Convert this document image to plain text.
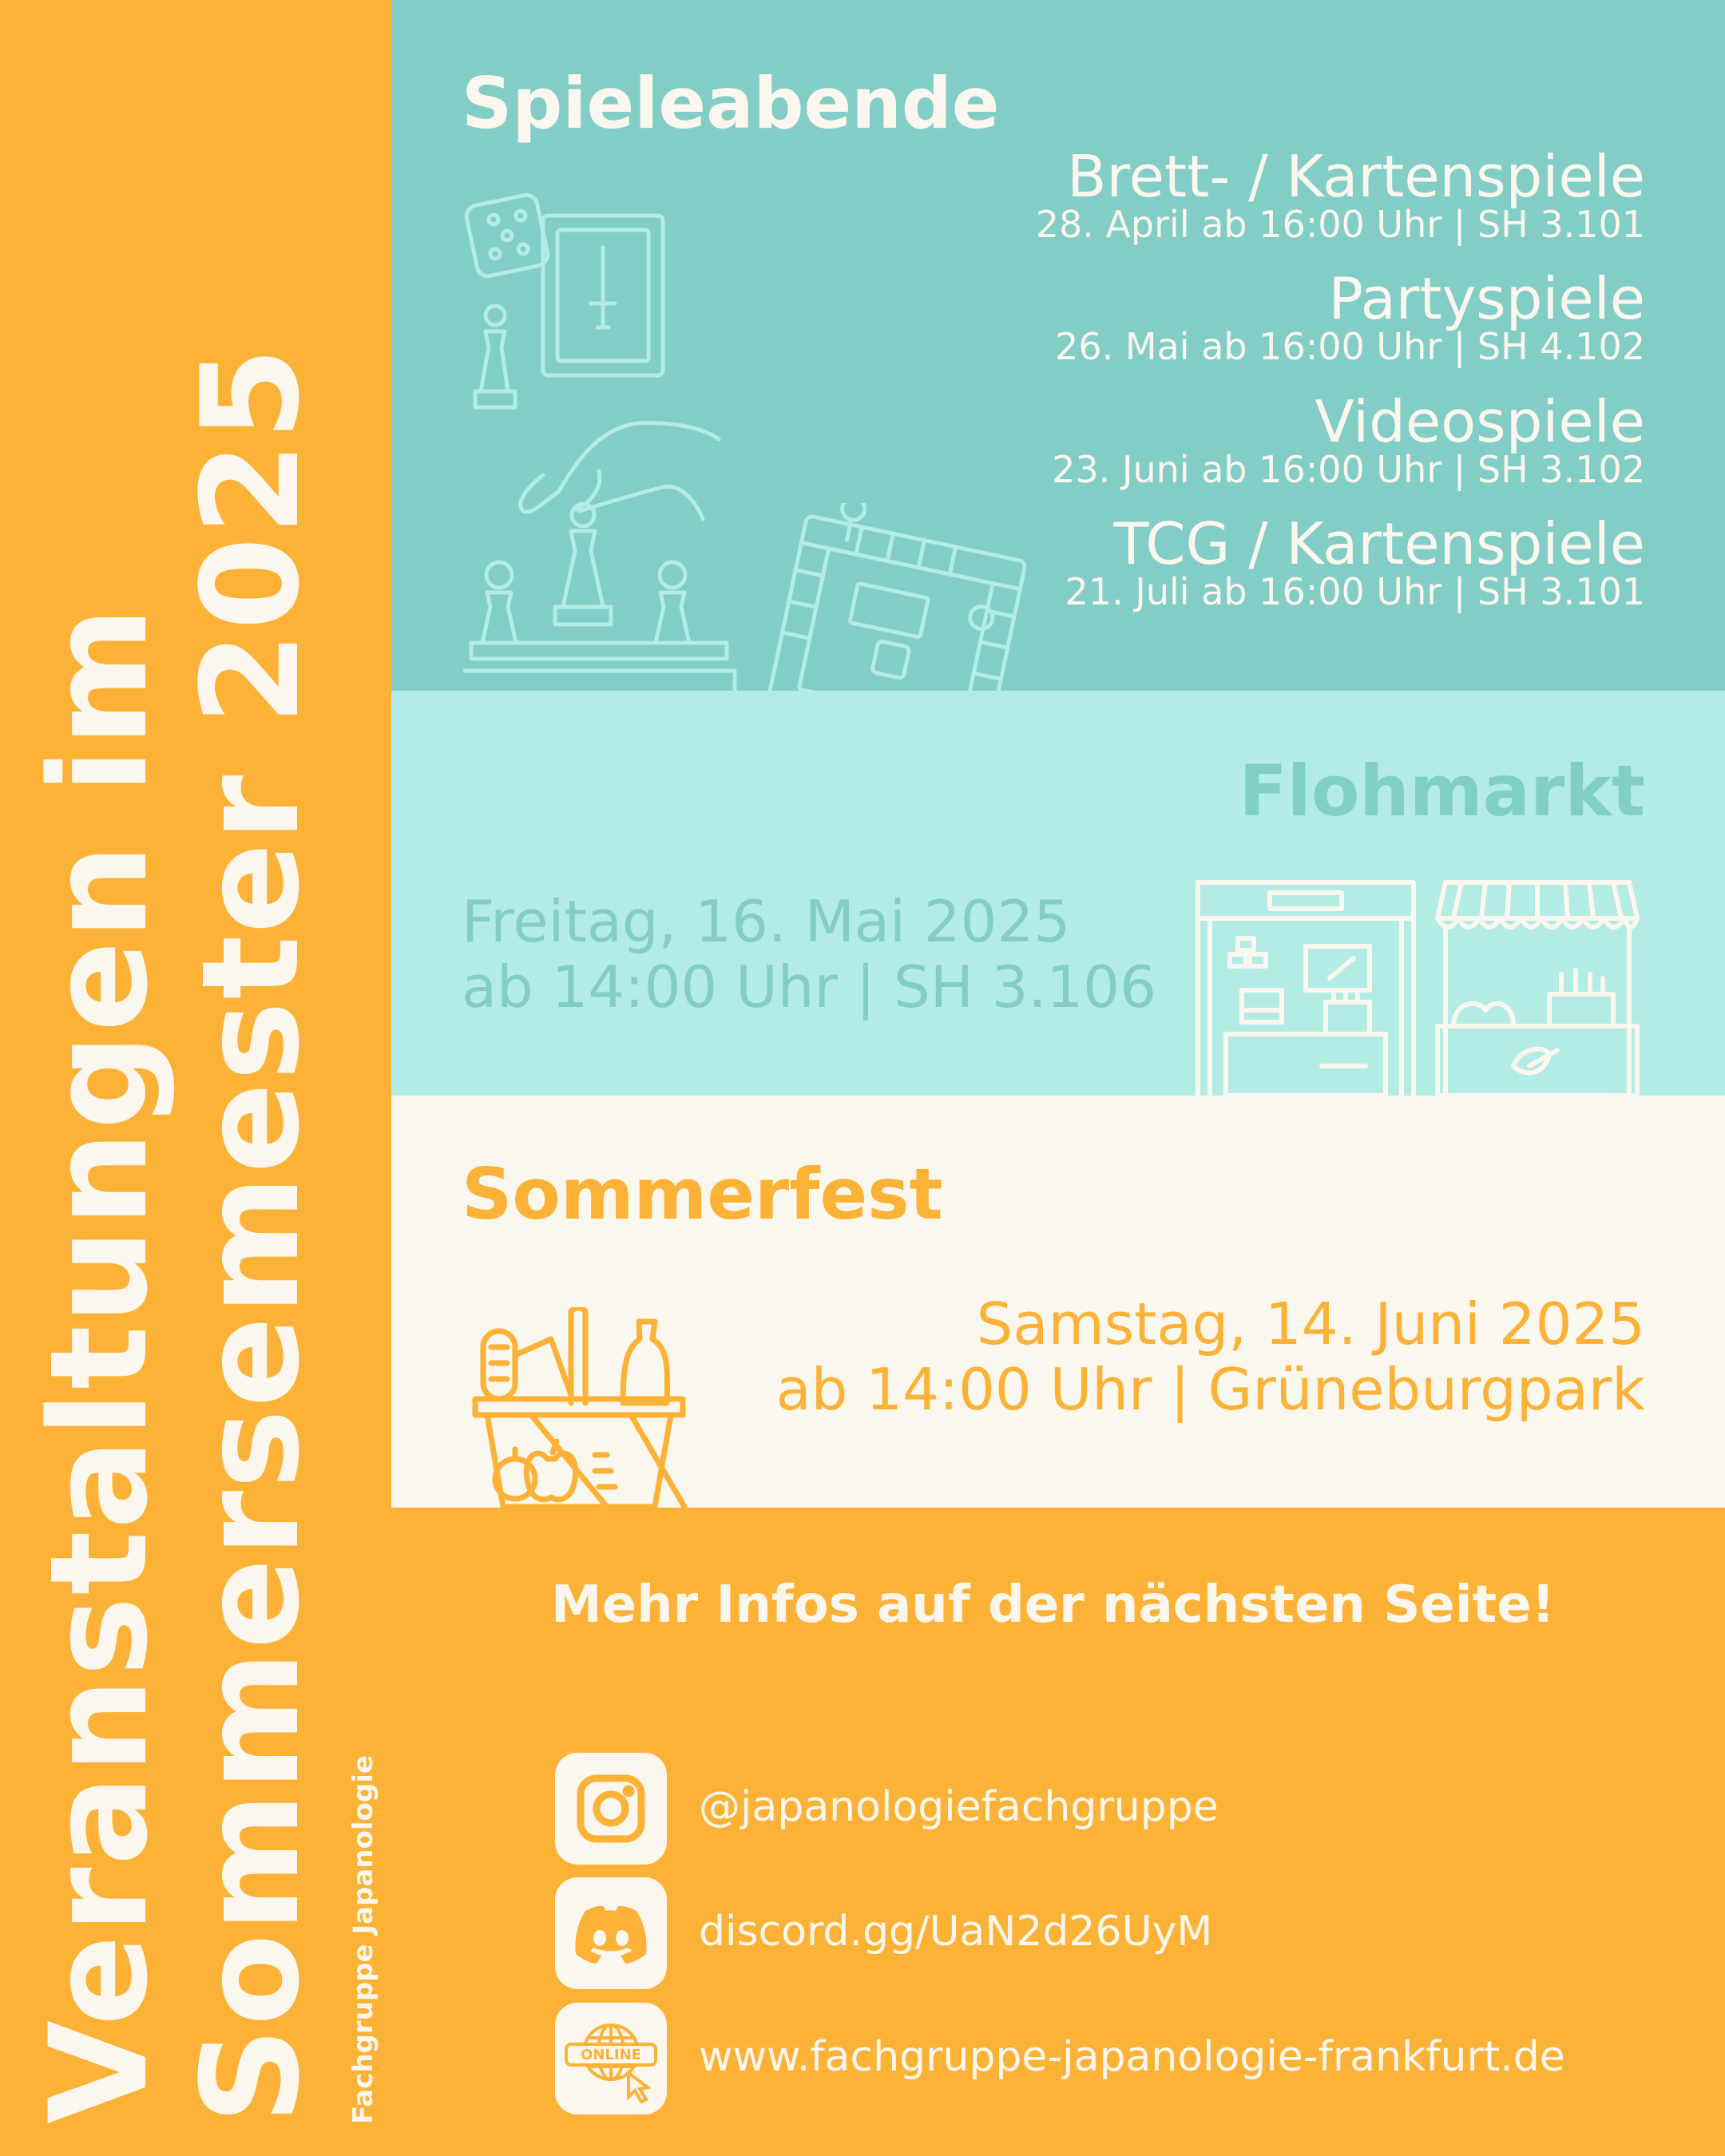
Veranstaltungen im
Sommersemester 2025 Fachgruppe Japanologie
Spieleabende
Brett- / Kartenspiele
28. April ab 16:00 Uhr | SH 3.101
Partyspiele
26. Mai ab 16:00 Uhr | SH 4.102
Videospiele
23. Juni ab 16:00 Uhr | SH 3.102
TCG / Kartenspiele
21. Juli ab 16:00 Uhr | SH 3.101
Flohmarkt
Freitag, 16. Mai 2025
ab 14:00 Uhr | SH 3.106
Sommerfest
Samstag, 14. Juni 2025
ab 14:00 Uhr | Grüneburgpark
Mehr Infos auf der nächsten Seite!
@japanologiefachgruppe
discord.gg/UaN2d26UyM
ONLINE www.fachgruppe-japanologie-frankfurt.de
